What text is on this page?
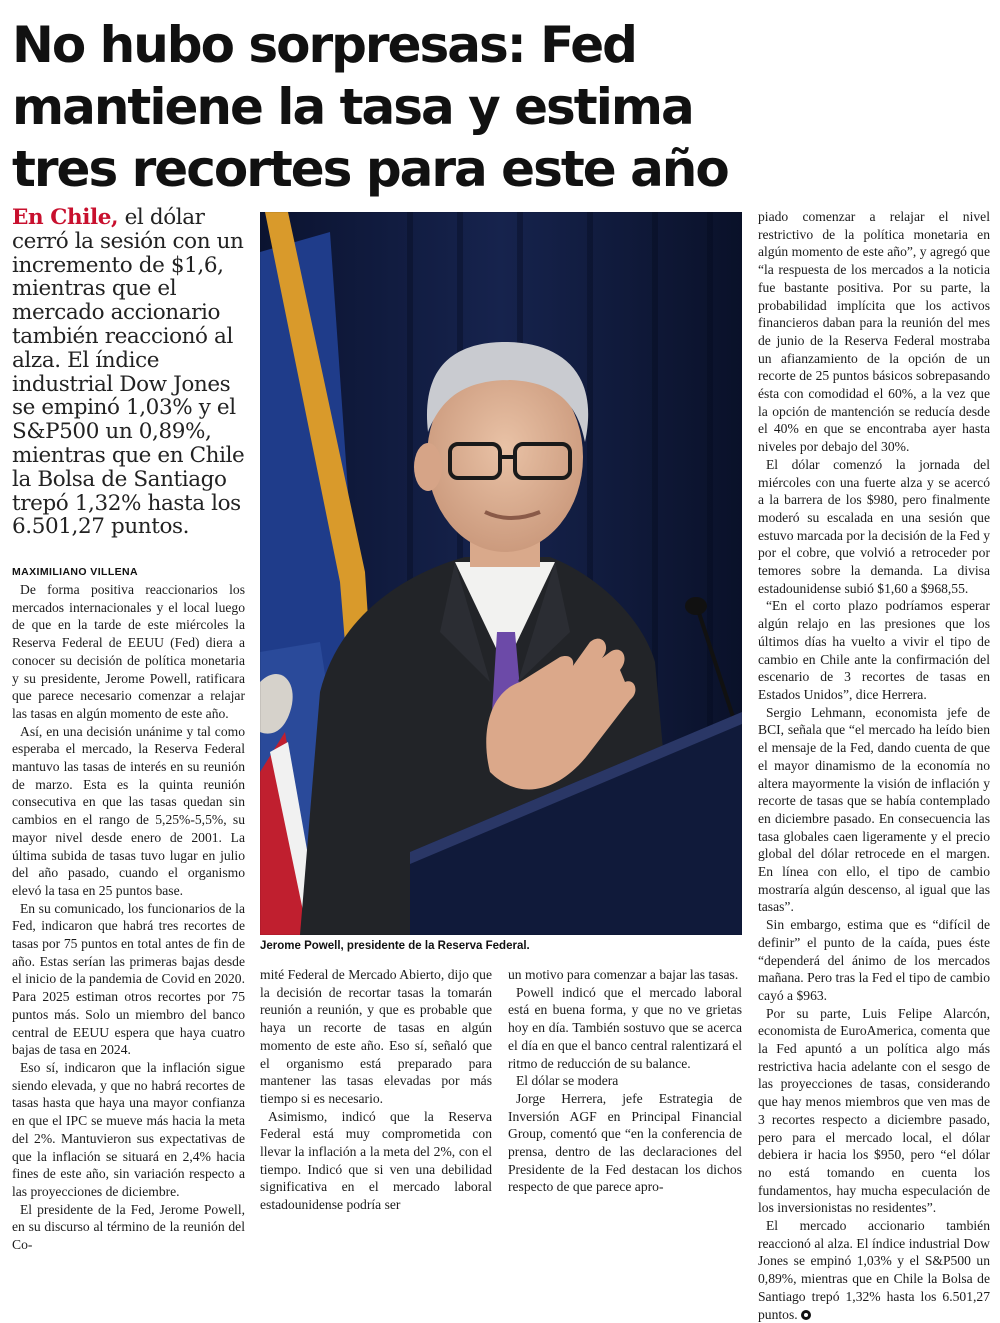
No hubo sorpresas: Fed mantiene la tasa y estima tres recortes para este año

En Chile, el dólar cerró la sesión con un incremento de $1,6, mientras que el mercado accionario también reaccionó al alza. El índice industrial Dow Jones se empinó 1,03% y el S&P500 un 0,89%, mientras que en Chile la Bolsa de Santiago trepó 1,32% hasta los 6.501,27 puntos.

MAXIMILIANO VILLENA

De forma positiva reaccionarios los mercados internacionales y el local luego de que en la tarde de este miércoles la Reserva Federal de EEUU (Fed) diera a conocer su decisión de política monetaria y su presidente, Jerome Powell, ratificara que parece necesario comenzar a relajar las tasas en algún momento de este año.

Así, en una decisión unánime y tal como esperaba el mercado, la Reserva Federal mantuvo las tasas de interés en su reunión de marzo. Esta es la quinta reunión consecutiva en que las tasas quedan sin cambios en el rango de 5,25%-5,5%, su mayor nivel desde enero de 2001. La última subida de tasas tuvo lugar en julio del año pasado, cuando el organismo elevó la tasa en 25 puntos base.

En su comunicado, los funcionarios de la Fed, indicaron que habrá tres recortes de tasas por 75 puntos en total antes de fin de año. Estas serían las primeras bajas desde el inicio de la pandemia de Covid en 2020. Para 2025 estiman otros recortes por 75 puntos más. Solo un miembro del banco central de EEUU espera que haya cuatro bajas de tasa en 2024.

Eso sí, indicaron que la inflación sigue siendo elevada, y que no habrá recortes de tasas hasta que haya una mayor confianza en que el IPC se mueve más hacia la meta del 2%. Mantuvieron sus expectativas de que la inflación se situará en 2,4% hacia fines de este año, sin variación respecto a las proyecciones de diciembre.

El presidente de la Fed, Jerome Powell, en su discurso al término de la reunión del Co-

Jerome Powell, presidente de la Reserva Federal.

mité Federal de Mercado Abierto, dijo que la decisión de recortar tasas la tomarán reunión a reunión, y que es probable que haya un recorte de tasas en algún momento de este año. Eso sí, señaló que el organismo está preparado para mantener las tasas elevadas por más tiempo si es necesario.

Asimismo, indicó que la Reserva Federal está muy comprometida con llevar la inflación a la meta del 2%, con el tiempo. Indicó que si ven una debilidad significativa en el mercado laboral estadounidense podría ser

un motivo para comenzar a bajar las tasas.

Powell indicó que el mercado laboral está en buena forma, y que no ve grietas hoy en día. También sostuvo que se acerca el día en que el banco central ralentizará el ritmo de reducción de su balance.

El dólar se modera

Jorge Herrera, jefe Estrategia de Inversión AGF en Principal Financial Group, comentó que “en la conferencia de prensa, dentro de las declaraciones del Presidente de la Fed destacan los dichos respecto de que parece apro-

piado comenzar a relajar el nivel restrictivo de la política monetaria en algún momento de este año”, y agregó que “la respuesta de los mercados a la noticia fue bastante positiva. Por su parte, la probabilidad implícita que los activos financieros daban para la reunión del mes de junio de la Reserva Federal mostraba un afianzamiento de la opción de un recorte de 25 puntos básicos sobrepasando ésta con comodidad el 60%, a la vez que la opción de mantención se reducía desde el 40% en que se encontraba ayer hasta niveles por debajo del 30%.

El dólar comenzó la jornada del miércoles con una fuerte alza y se acercó a la barrera de los $980, pero finalmente moderó su escalada en una sesión que estuvo marcada por la decisión de la Fed y por el cobre, que volvió a retroceder por temores sobre la demanda. La divisa estadounidense subió $1,60 a $968,55.

“En el corto plazo podríamos esperar algún relajo en las presiones que los últimos días ha vuelto a vivir el tipo de cambio en Chile ante la confirmación del escenario de 3 recortes de tasas en Estados Unidos”, dice Herrera.

Sergio Lehmann, economista jefe de BCI, señala que “el mercado ha leído bien el mensaje de la Fed, dando cuenta de que el mayor dinamismo de la economía no altera mayormente la visión de inflación y recorte de tasas que se había contemplado en diciembre pasado. En consecuencia las tasa globales caen ligeramente y el precio global del dólar retrocede en el margen. En línea con ello, el tipo de cambio mostraría algún descenso, al igual que las tasas”.

Sin embargo, estima que es “difícil de definir” el punto de la caída, pues éste “dependerá del ánimo de los mercados mañana. Pero tras la Fed el tipo de cambio cayó a $963.

Por su parte, Luis Felipe Alarcón, economista de EuroAmerica, comenta que la Fed apuntó a un política algo más restrictiva hacia adelante con el sesgo de las proyecciones de tasas, considerando que hay menos miembros que ven mas de 3 recortes respecto a diciembre pasado, pero para el mercado local, el dólar debiera ir hacia los $950, pero “el dólar no está tomando en cuenta los fundamentos, hay mucha especulación de los inversionistas no residentes”.

El mercado accionario también reaccionó al alza. El índice industrial Dow Jones se empinó 1,03% y el S&P500 un 0,89%, mientras que en Chile la Bolsa de Santiago trepó 1,32% hasta los 6.501,27 puntos.
